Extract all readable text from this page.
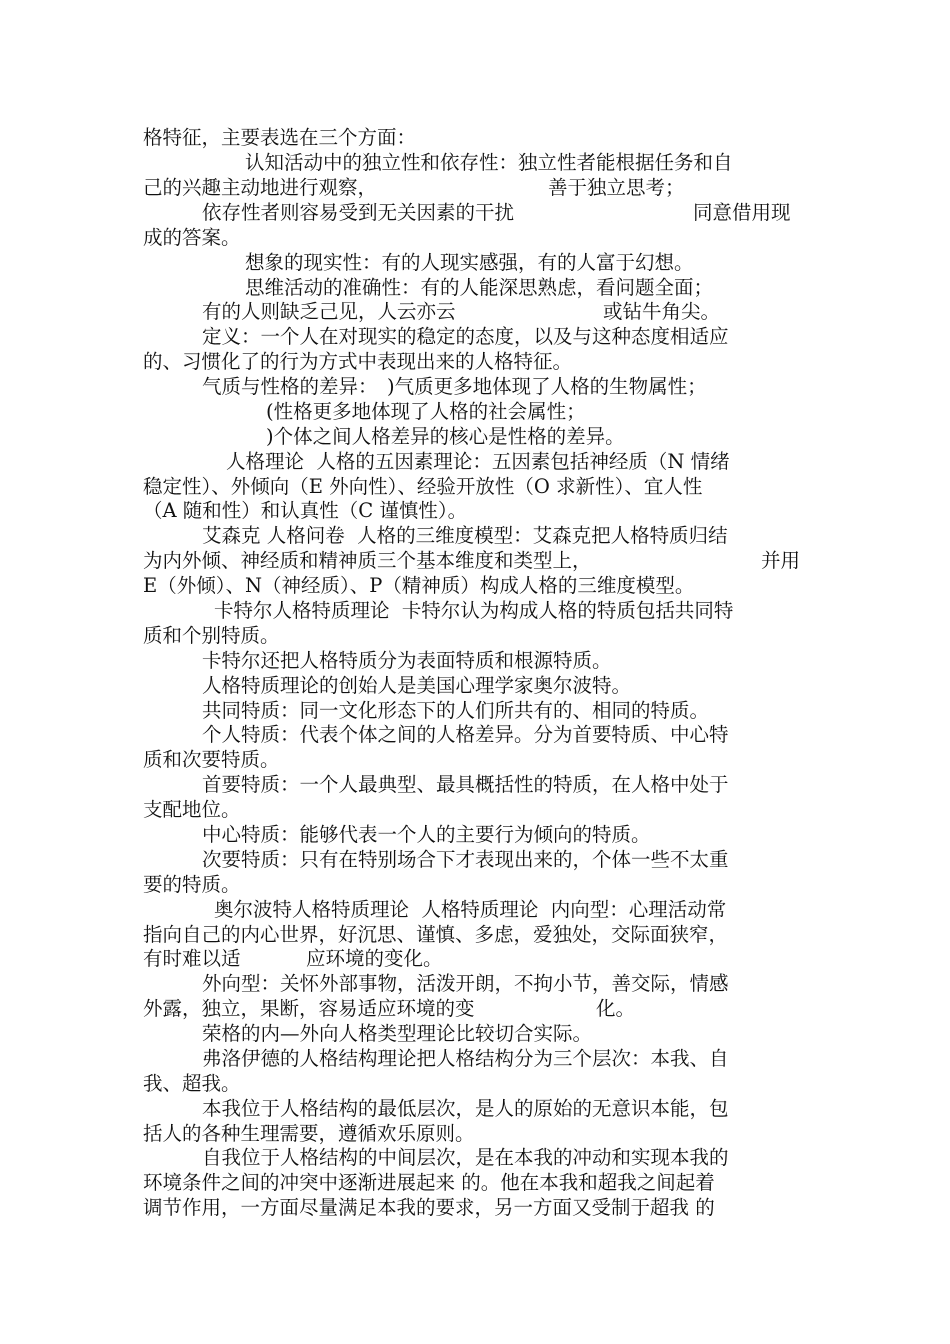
格特征，主要表选在三个方面：
认知活动中的独立性和依存性：独立性者能根据任务和自
己的兴趣主动地进行观察，	善于独立思考；
依存性者则容易受到无关因素的干扰	同意借用现
成的答案。
想象的现实性：有的人现实感强，有的人富于幻想。
思维活动的准确性：有的人能深思熟虑，看问题全面；
有的人则缺乏己见，人云亦云	或钻牛角尖。
定义：一个人在对现实的稳定的态度，以及与这种态度相适应
的、习惯化了的行为方式中表现出来的人格特征。
气质与性格的差异： )气质更多地体现了人格的生物属性；
(性格更多地体现了人格的社会属性；
)个体之间人格差异的核心是性格的差异。
人格理论  人格的五因素理论：五因素包括神经质（N 情绪
稳定性）、外倾向（E 外向性）、经验开放性（O 求新性）、宜人性
（A 随和性）和认真性（C 谨慎性）。
艾森克 人格问卷  人格的三维度模型：艾森克把人格特质归结
为内外倾、神经质和精神质三个基本维度和类型上，	并用
E（外倾）、N（神经质）、P（精神质）构成人格的三维度模型。
卡特尔人格特质理论  卡特尔认为构成人格的特质包括共同特
质和个别特质。
卡特尔还把人格特质分为表面特质和根源特质。
人格特质理论的创始人是美国心理学家奥尔波特。
共同特质：同一文化形态下的人们所共有的、相同的特质。
个人特质：代表个体之间的人格差异。分为首要特质、中心特
质和次要特质。
首要特质：一个人最典型、最具概括性的特质，在人格中处于
支配地位。
中心特质：能够代表一个人的主要行为倾向的特质。
次要特质：只有在特别场合下才表现出来的，个体一些不太重
要的特质。
奥尔波特人格特质理论  人格特质理论  内向型：心理活动常
指向自己的内心世界，好沉思、谨慎、多虑，爱独处，交际面狭窄，
有时难以适	应环境的变化。
外向型：关怀外部事物，活泼开朗，不拘小节，善交际，情感
外露，独立，果断，容易适应环境的变	化。
荣格的内—外向人格类型理论比较切合实际。
弗洛伊德的人格结构理论把人格结构分为三个层次：本我、自
我、超我。
本我位于人格结构的最低层次，是人的原始的无意识本能，包
括人的各种生理需要，遵循欢乐原则。
自我位于人格结构的中间层次，是在本我的冲动和实现本我的
环境条件之间的冲突中逐渐进展起来 的。他在本我和超我之间起着
调节作用，一方面尽量满足本我的要求，另一方面又受制于超我 的
